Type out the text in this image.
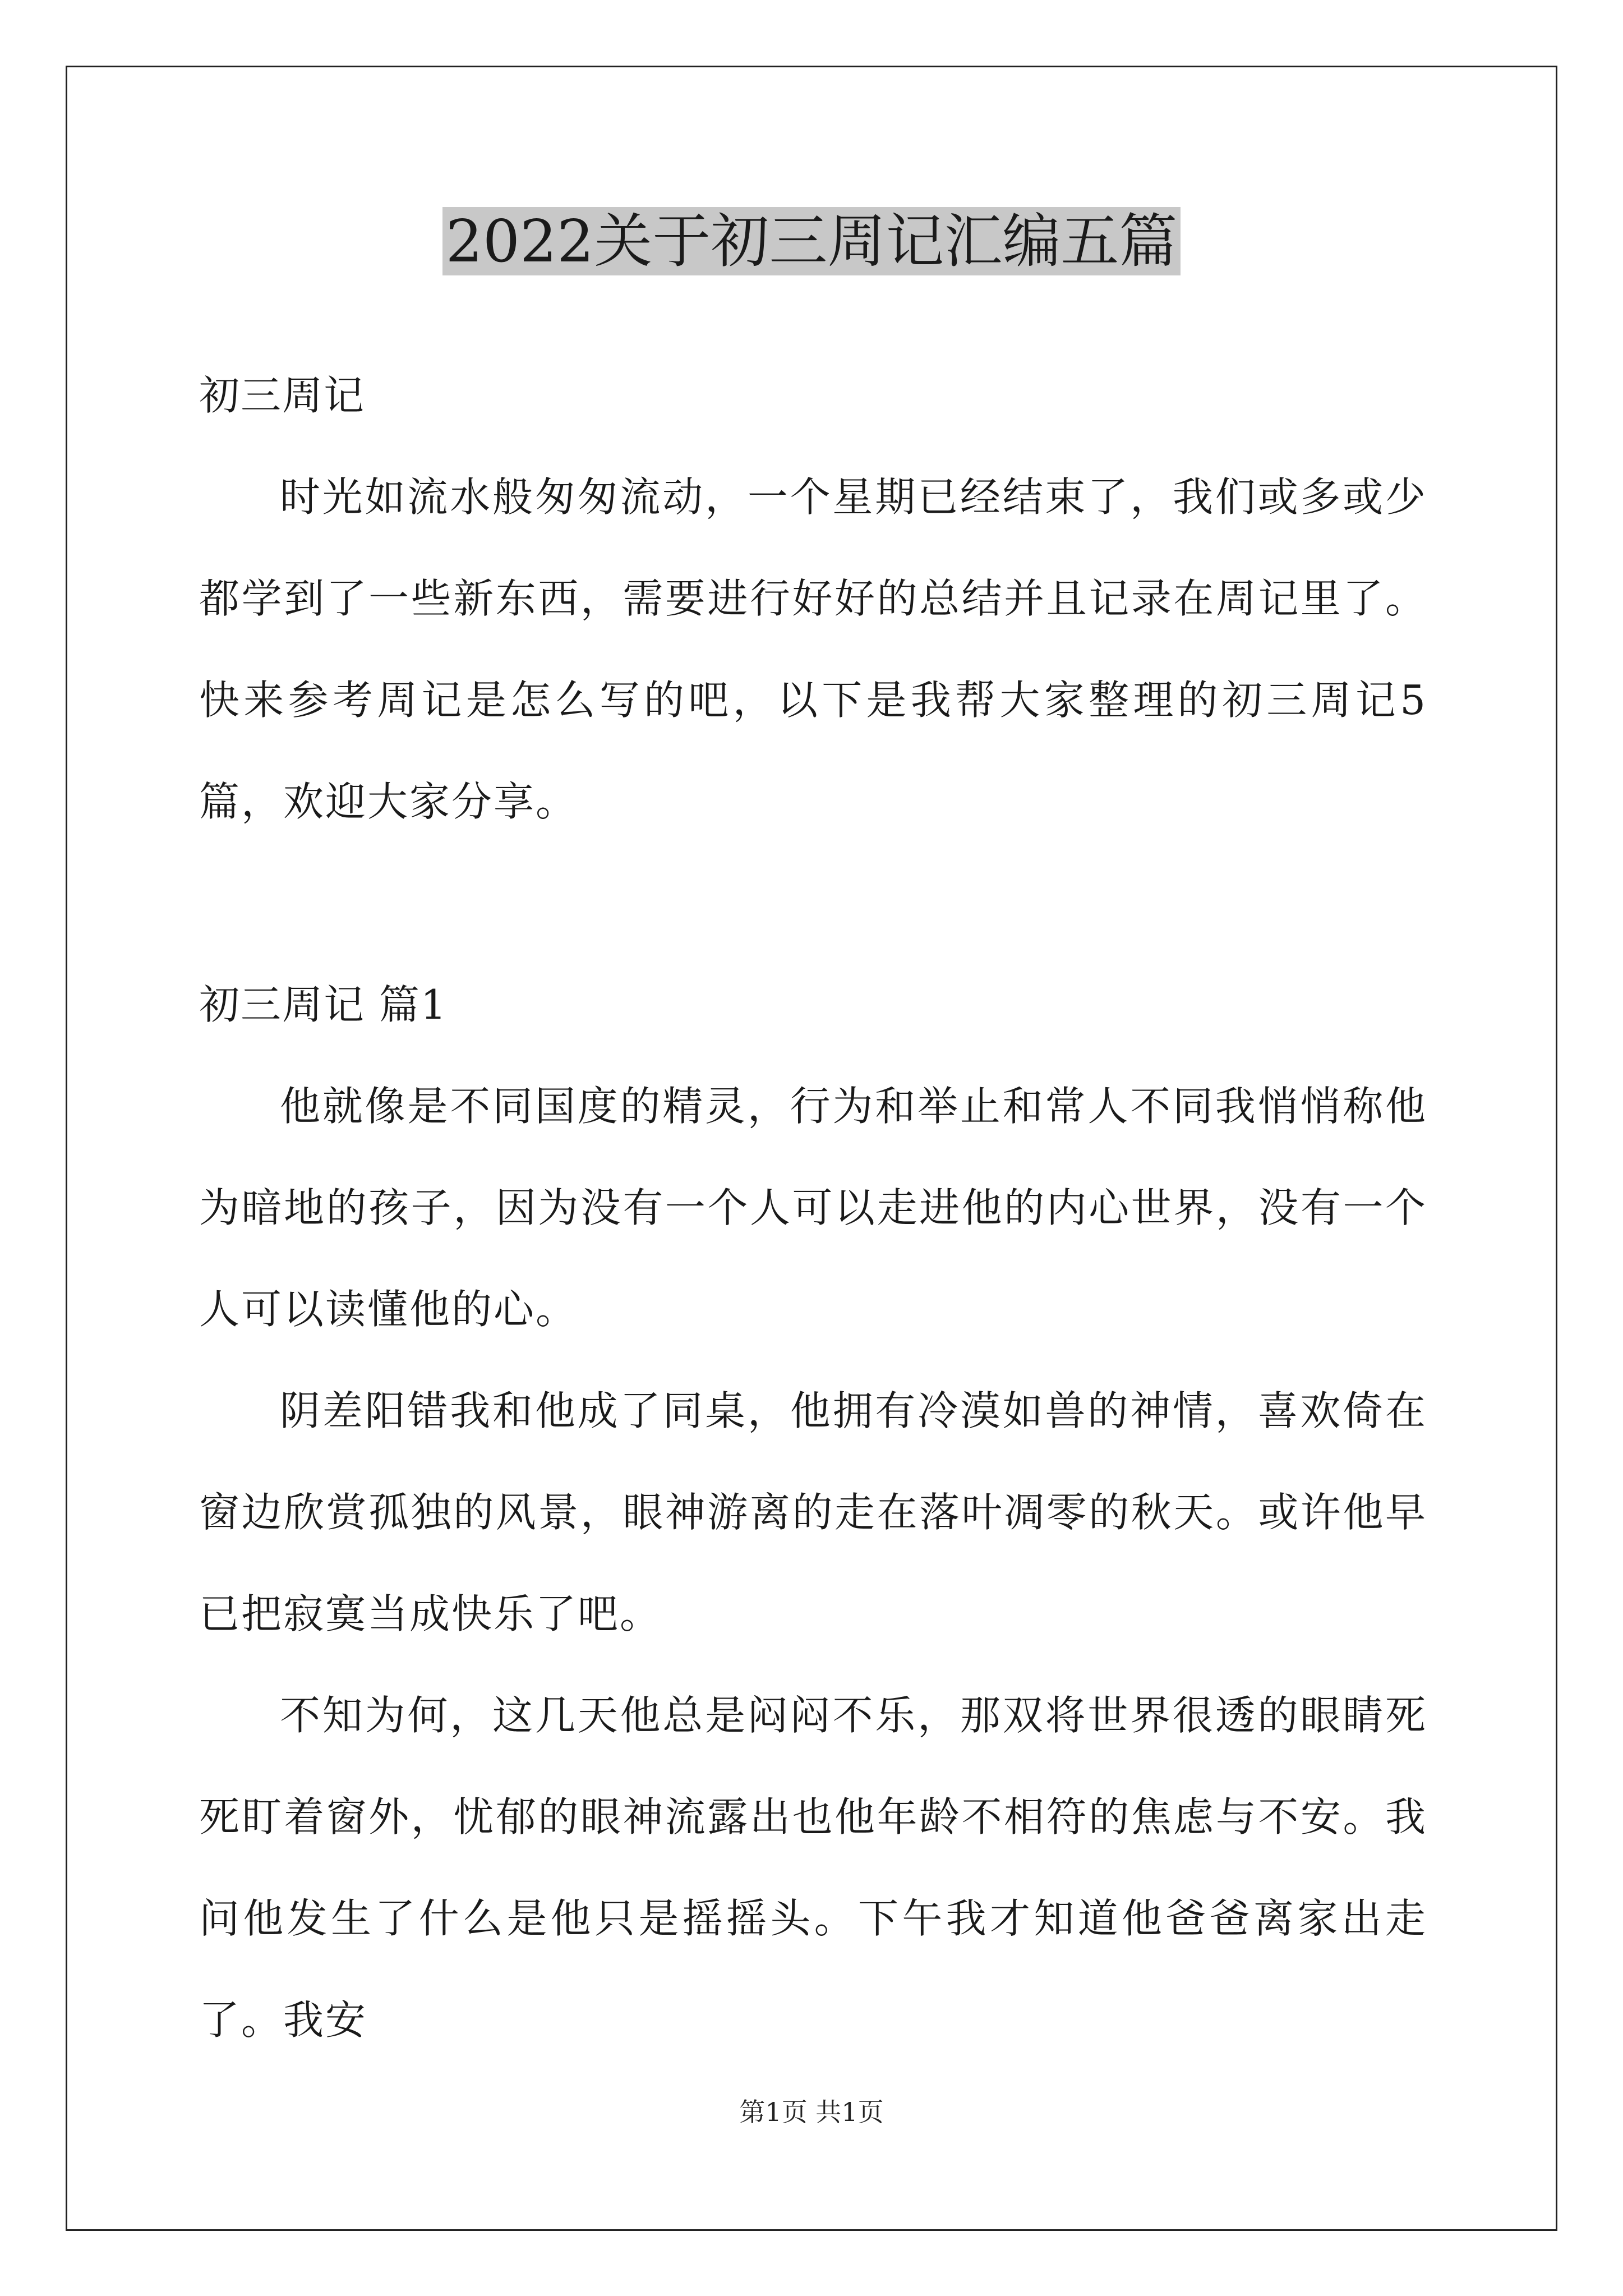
2022关于初三周记汇编五篇

初三周记

时光如流水般匆匆流动，一个星期已经结束了，我们或多或少都学到了一些新东西，需要进行好好的总结并且记录在周记里了。快来参考周记是怎么写的吧，以下是我帮大家整理的初三周记5篇，欢迎大家分享。

初三周记 篇1

他就像是不同国度的精灵，行为和举止和常人不同我悄悄称他为暗地的孩子，因为没有一个人可以走进他的内心世界，没有一个人可以读懂他的心。

阴差阳错我和他成了同桌，他拥有冷漠如兽的神情，喜欢倚在窗边欣赏孤独的风景，眼神游离的走在落叶凋零的秋天。或许他早已把寂寞当成快乐了吧。

不知为何，这几天他总是闷闷不乐，那双将世界很透的眼睛死死盯着窗外，忧郁的眼神流露出也他年龄不相符的焦虑与不安。我问他发生了什么是他只是摇摇头。下午我才知道他爸爸离家出走了。我安

第1页 共1页
